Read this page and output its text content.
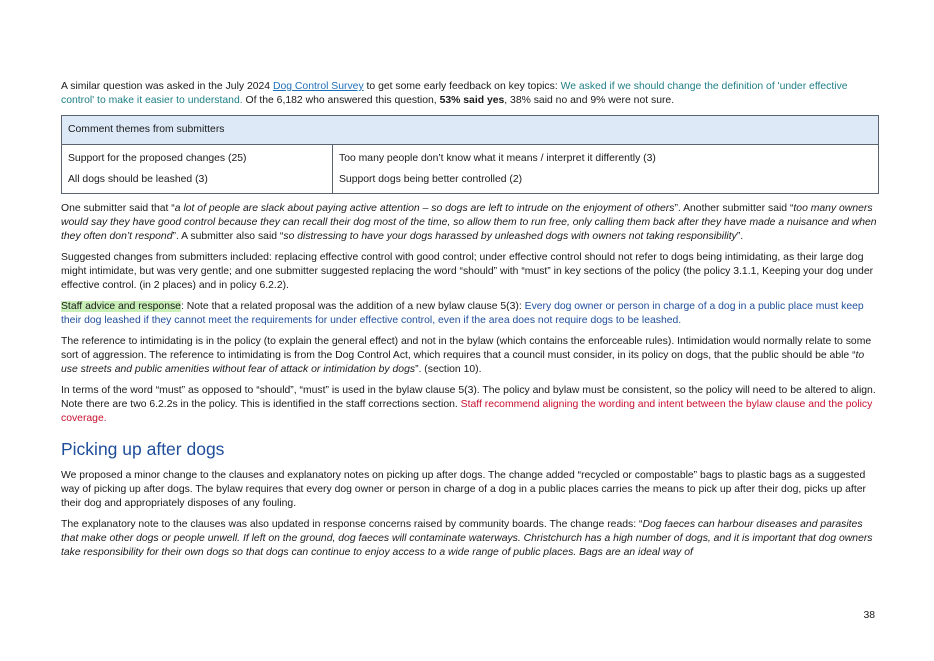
A similar question was asked in the July 2024 Dog Control Survey to get some early feedback on key topics: We asked if we should change the definition of 'under effective control' to make it easier to understand. Of the 6,182 who answered this question, 53% said yes, 38% said no and 9% were not sure.

Comment themes from submitters	
Support for the proposed changes (25)	Too many people don’t know what it means / interpret it differently (3)
All dogs should be leashed (3)	Support dogs being better controlled (2)

One submitter said that “a lot of people are slack about paying active attention – so dogs are left to intrude on the enjoyment of others”. Another submitter said “too many owners would say they have good control because they can recall their dog most of the time, so allow them to run free, only calling them back after they have made a nuisance and when they often don’t respond”. A submitter also said “so distressing to have your dogs harassed by unleashed dogs with owners not taking responsibility”.

Suggested changes from submitters included: replacing effective control with good control; under effective control should not refer to dogs being intimidating, as their large dog might intimidate, but was very gentle; and one submitter suggested replacing the word “should” with “must” in key sections of the policy (the policy 3.1.1, Keeping your dog under effective control. (in 2 places) and in policy 6.2.2).

Staff advice and response: Note that a related proposal was the addition of a new bylaw clause 5(3): Every dog owner or person in charge of a dog in a public place must keep their dog leashed if they cannot meet the requirements for under effective control, even if the area does not require dogs to be leashed.

The reference to intimidating is in the policy (to explain the general effect) and not in the bylaw (which contains the enforceable rules). Intimidation would normally relate to some sort of aggression. The reference to intimidating is from the Dog Control Act, which requires that a council must consider, in its policy on dogs, that the public should be able “to use streets and public amenities without fear of attack or intimidation by dogs”. (section 10).

In terms of the word “must” as opposed to “should”, “must” is used in the bylaw clause 5(3). The policy and bylaw must be consistent, so the policy will need to be altered to align. Note there are two 6.2.2s in the policy. This is identified in the staff corrections section. Staff recommend aligning the wording and intent between the bylaw clause and the policy coverage.

Picking up after dogs

We proposed a minor change to the clauses and explanatory notes on picking up after dogs. The change added “recycled or compostable” bags to plastic bags as a suggested way of picking up after dogs. The bylaw requires that every dog owner or person in charge of a dog in a public places carries the means to pick up after their dog, picks up after their dog and appropriately disposes of any fouling.

The explanatory note to the clauses was also updated in response concerns raised by community boards. The change reads: “Dog faeces can harbour diseases and parasites that make other dogs or people unwell. If left on the ground, dog faeces will contaminate waterways. Christchurch has a high number of dogs, and it is important that dog owners take responsibility for their own dogs so that dogs can continue to enjoy access to a wide range of public places. Bags are an ideal way of

38
